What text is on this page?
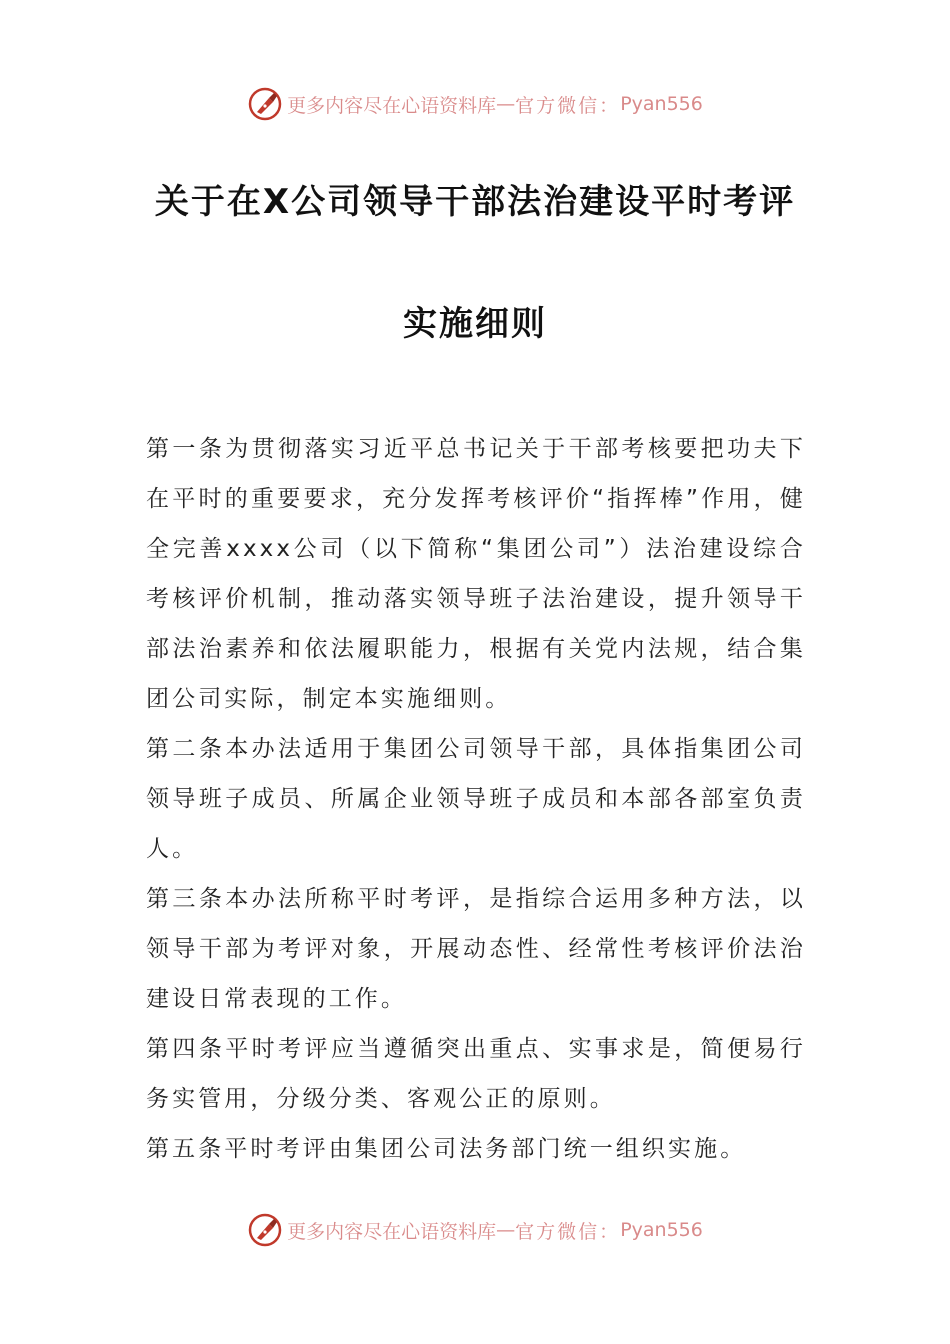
更多内容尽在心语资料库 — 官方微信： Pyan556
关于在X公司领导干部法治建设平时考评
实施细则

第一条为贯彻落实习近平总书记关于干部考核要把功夫下在平时的重要要求，充分发挥考核评价“指挥棒”作用，健全完善xxxx公司（以下简称“集团公司”）法治建设综合考核评价机制，推动落实领导班子法治建设，提升领导干部法治素养和依法履职能力，根据有关党内法规，结合集团公司实际，制定本实施细则。

第二条本办法适用于集团公司领导干部，具体指集团公司领导班子成员、所属企业领导班子成员和本部各部室负责人。

第三条本办法所称平时考评，是指综合运用多种方法，以领导干部为考评对象，开展动态性、经常性考核评价法治建设日常表现的工作。

第四条平时考评应当遵循突出重点、实事求是，简便易行务实管用，分级分类、客观公正的原则。

第五条平时考评由集团公司法务部门统一组织实施。

更多内容尽在心语资料库 — 官方微信： Pyan556
